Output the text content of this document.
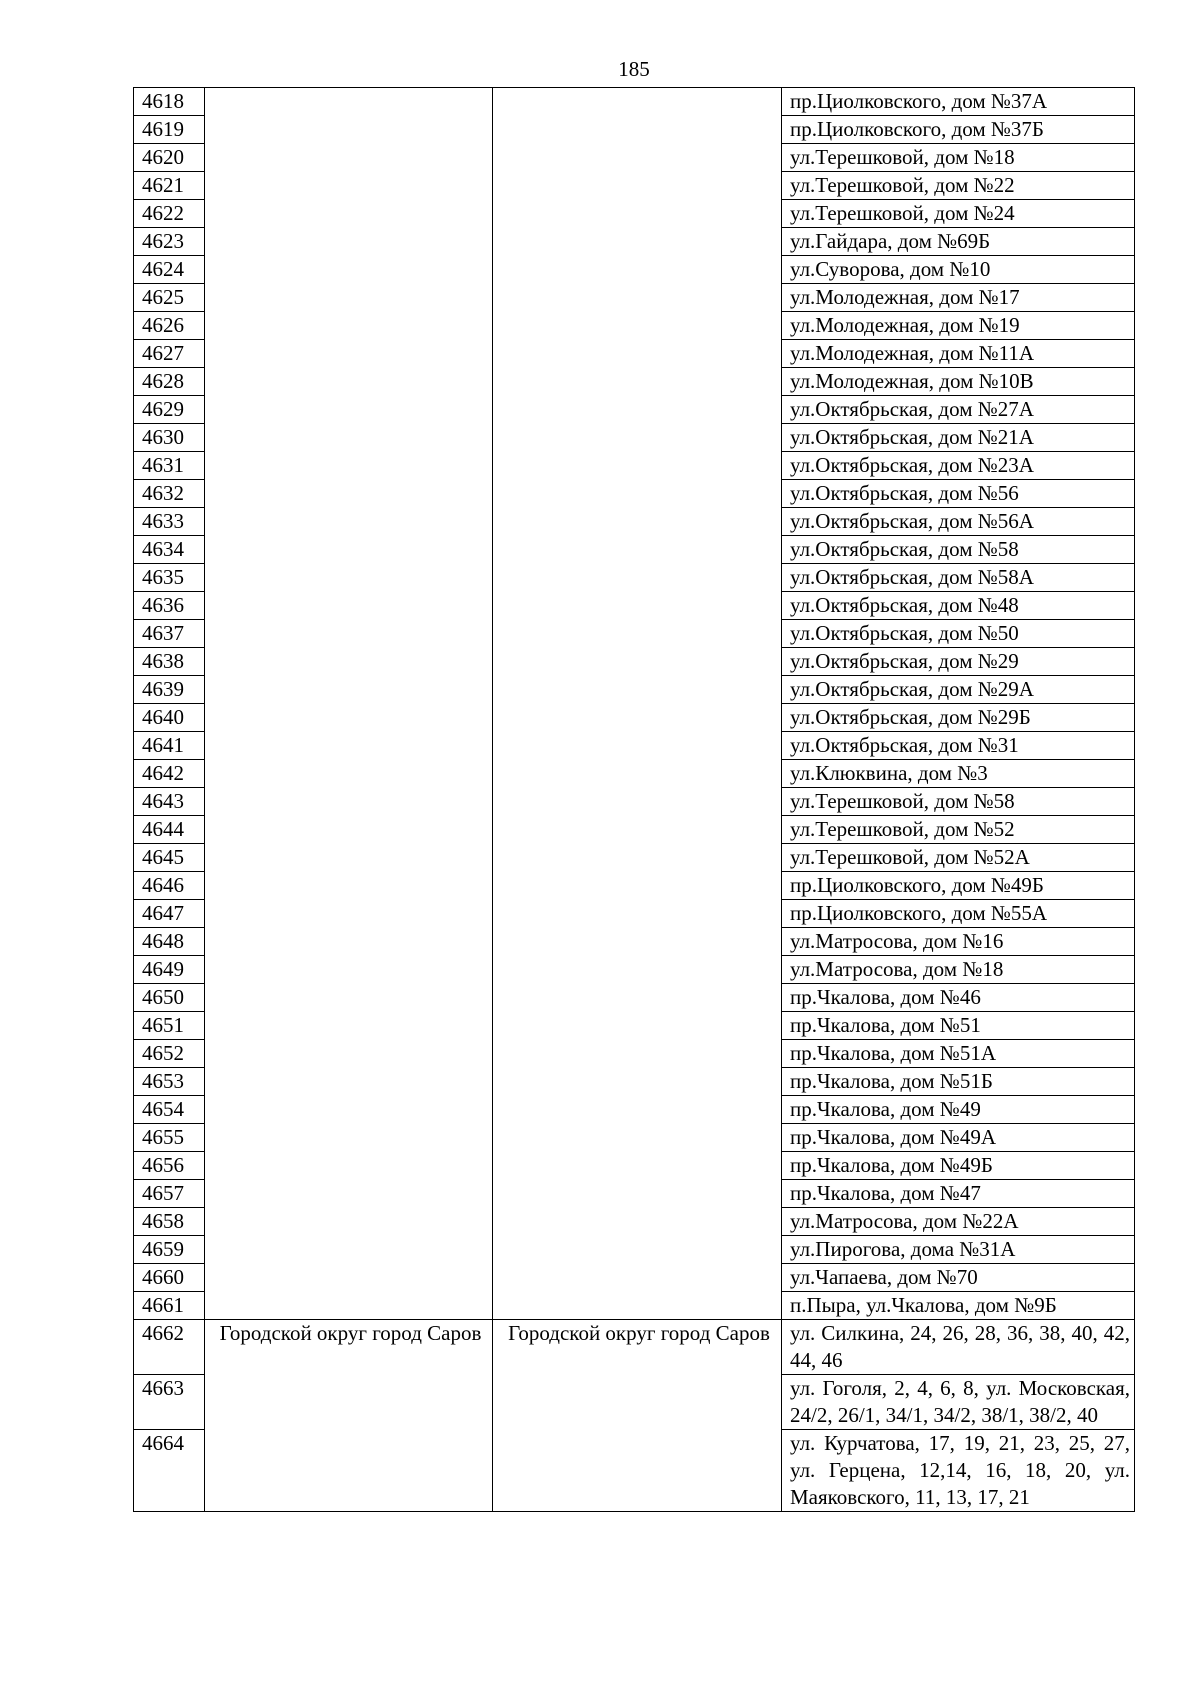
185
4618			пр.Циолковского, дом №37А
4619			пр.Циолковского, дом №37Б
4620			ул.Терешковой, дом №18
4621			ул.Терешковой, дом №22
4622			ул.Терешковой, дом №24
4623			ул.Гайдара, дом №69Б
4624			ул.Суворова, дом №10
4625			ул.Молодежная, дом №17
4626			ул.Молодежная, дом №19
4627			ул.Молодежная, дом №11А
4628			ул.Молодежная, дом №10В
4629			ул.Октябрьская, дом №27А
4630			ул.Октябрьская, дом №21А
4631			ул.Октябрьская, дом №23А
4632			ул.Октябрьская, дом №56
4633			ул.Октябрьская, дом №56А
4634			ул.Октябрьская, дом №58
4635			ул.Октябрьская, дом №58А
4636			ул.Октябрьская, дом №48
4637			ул.Октябрьская, дом №50
4638			ул.Октябрьская, дом №29
4639			ул.Октябрьская, дом №29А
4640			ул.Октябрьская, дом №29Б
4641			ул.Октябрьская, дом №31
4642			ул.Клюквина, дом №3
4643			ул.Терешковой, дом №58
4644			ул.Терешковой, дом №52
4645			ул.Терешковой, дом №52А
4646			пр.Циолковского, дом №49Б
4647			пр.Циолковского, дом №55А
4648			ул.Матросова, дом №16
4649			ул.Матросова, дом №18
4650			пр.Чкалова, дом №46
4651			пр.Чкалова, дом №51
4652			пр.Чкалова, дом №51А
4653			пр.Чкалова, дом №51Б
4654			пр.Чкалова, дом №49
4655			пр.Чкалова, дом №49А
4656			пр.Чкалова, дом №49Б
4657			пр.Чкалова, дом №47
4658			ул.Матросова, дом №22А
4659			ул.Пирогова, дома №31А
4660			ул.Чапаева, дом №70
4661			п.Пыра, ул.Чкалова, дом №9Б
4662	Городской округ город Саров	Городской округ город Саров	ул. Силкина, 24, 26, 28, 36, 38, 40, 42, 44, 46
4663			ул. Гоголя, 2, 4, 6, 8, ул. Московская, 24/2, 26/1, 34/1, 34/2, 38/1, 38/2, 40
4664			ул. Курчатова, 17, 19, 21, 23, 25, 27, ул. Герцена, 12,14, 16, 18, 20, ул. Маяковского, 11, 13, 17, 21
